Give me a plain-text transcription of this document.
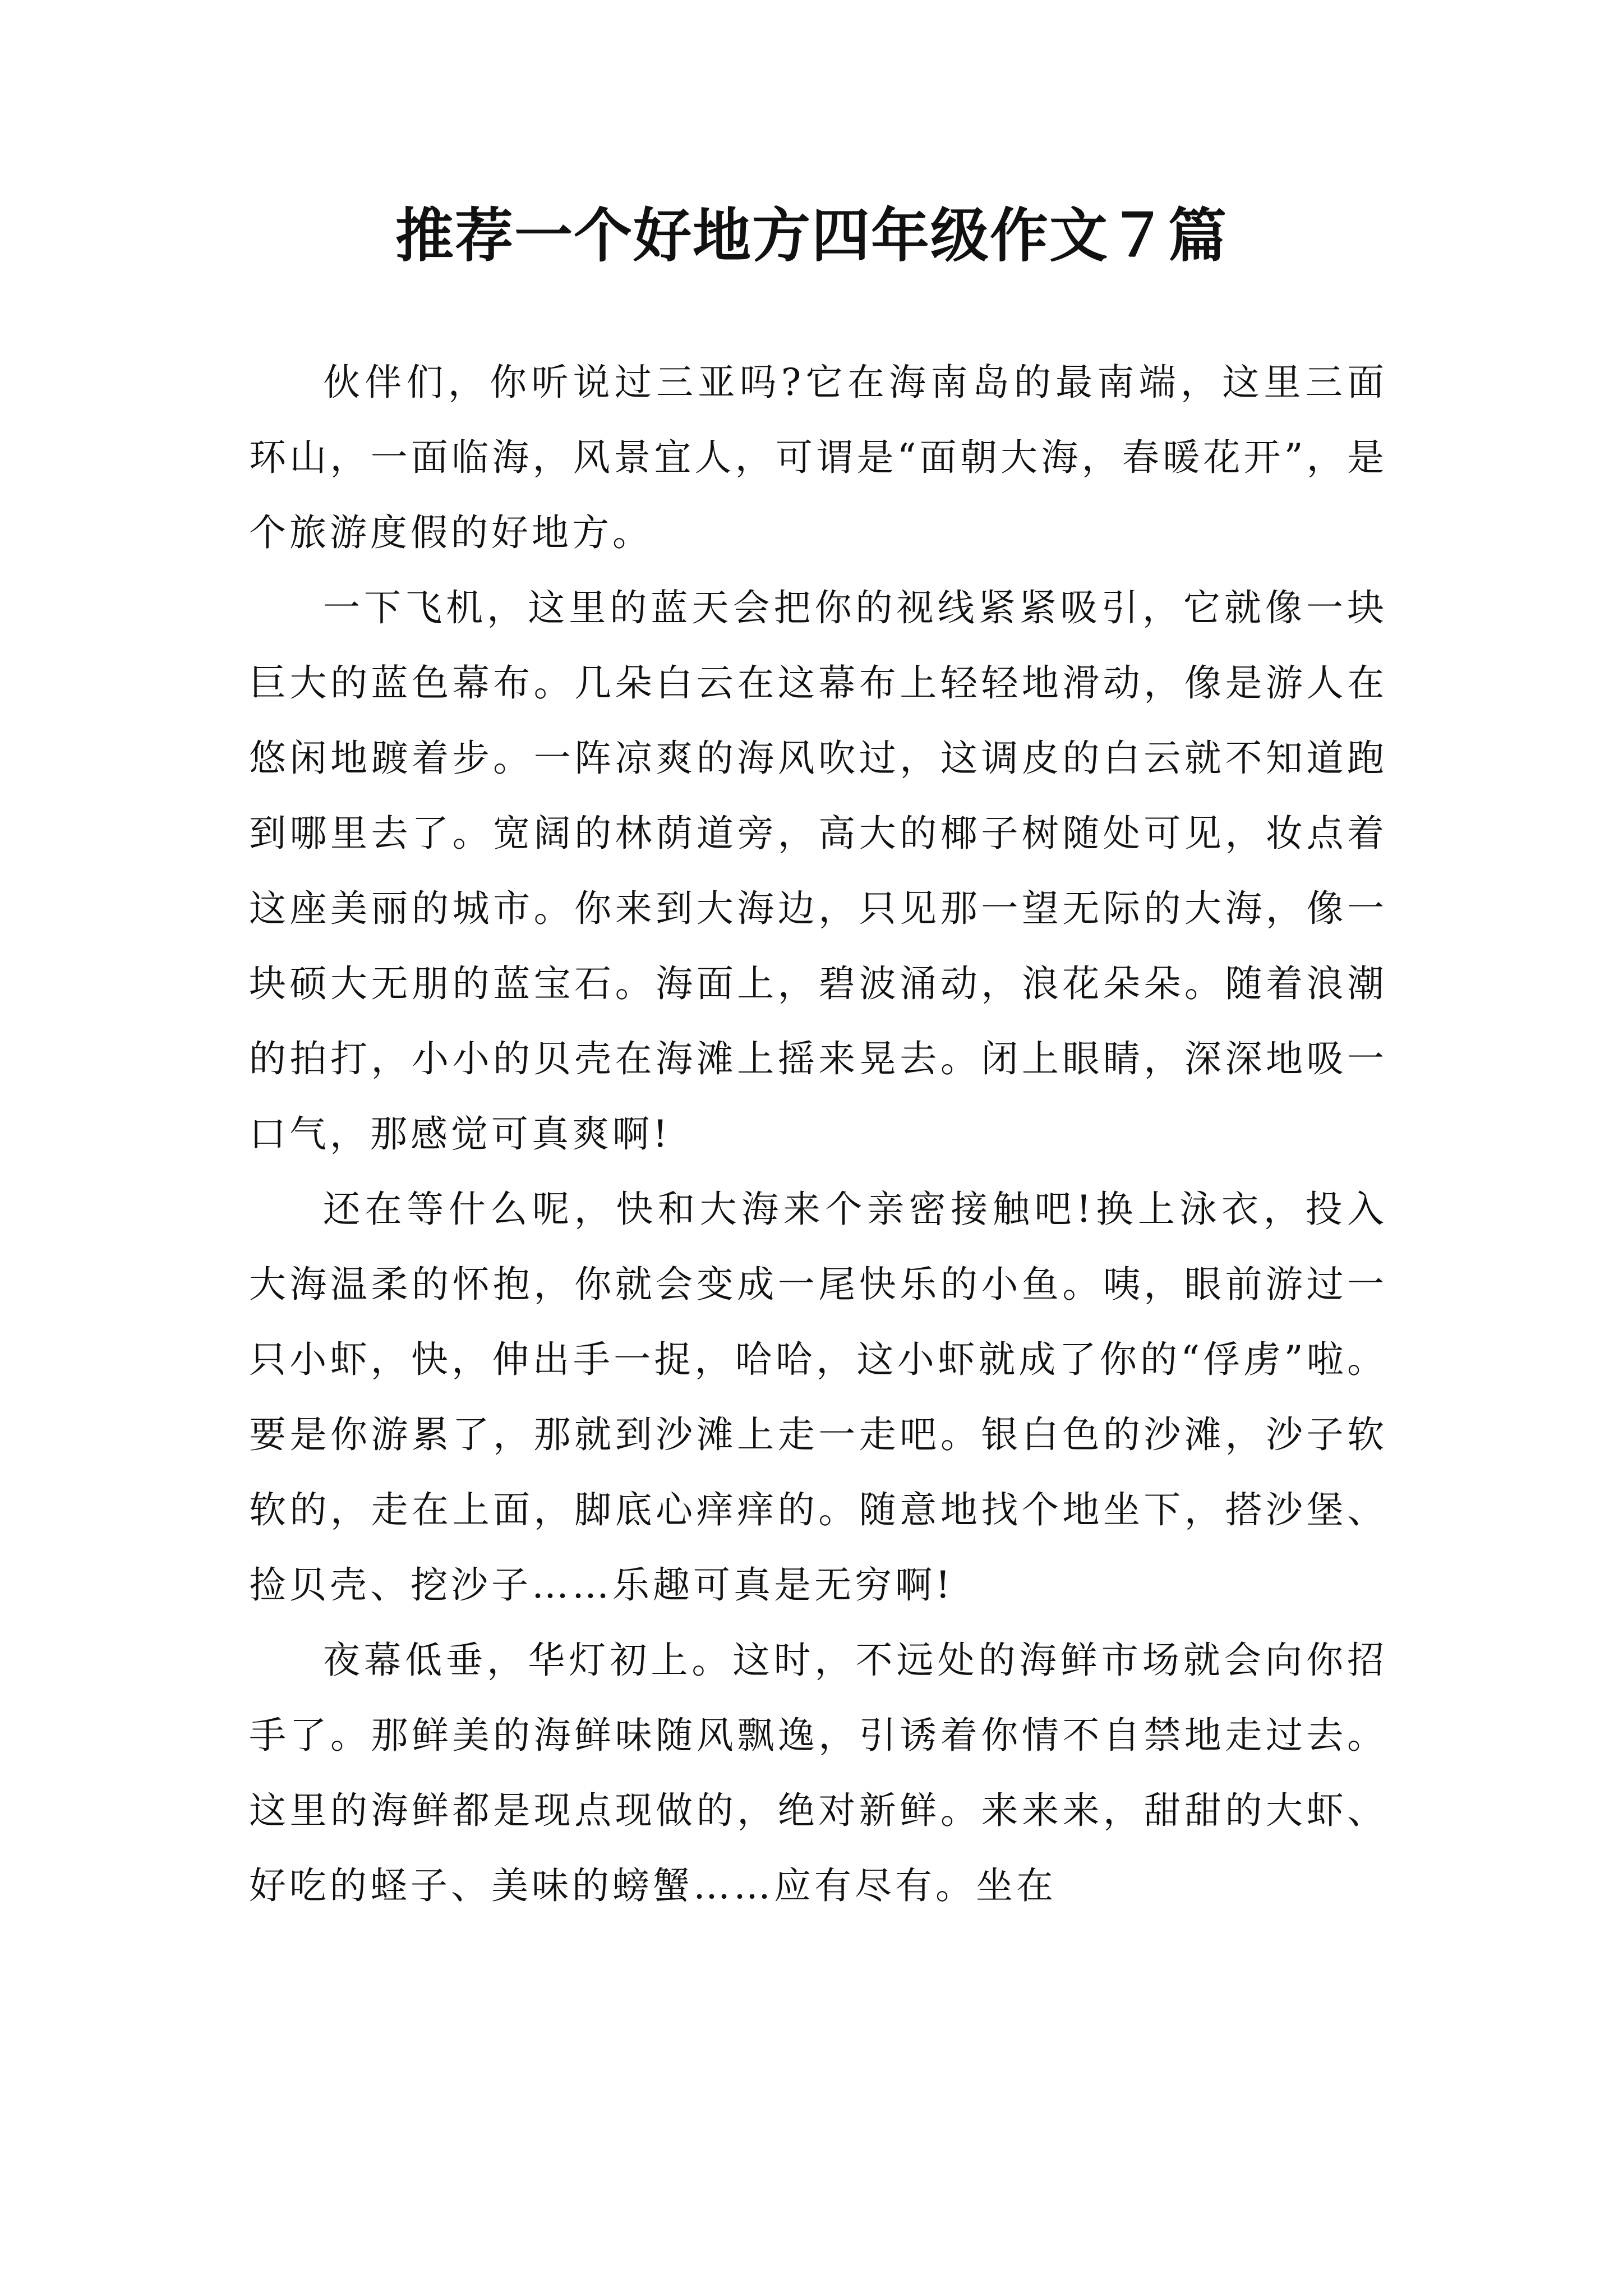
推荐一个好地方四年级作文７篇

伙伴们，你听说过三亚吗?它在海南岛的最南端，这里三面环山，一面临海，风景宜人，可谓是“面朝大海，春暖花开”，是个旅游度假的好地方。

一下飞机，这里的蓝天会把你的视线紧紧吸引，它就像一块巨大的蓝色幕布。几朵白云在这幕布上轻轻地滑动，像是游人在悠闲地踱着步。一阵凉爽的海风吹过，这调皮的白云就不知道跑到哪里去了。宽阔的林荫道旁，高大的椰子树随处可见，妆点着这座美丽的城市。你来到大海边，只见那一望无际的大海，像一块硕大无朋的蓝宝石。海面上，碧波涌动，浪花朵朵。随着浪潮的拍打，小小的贝壳在海滩上摇来晃去。闭上眼睛，深深地吸一口气，那感觉可真爽啊!

还在等什么呢，快和大海来个亲密接触吧!换上泳衣，投入大海温柔的怀抱，你就会变成一尾快乐的小鱼。咦，眼前游过一只小虾，快，伸出手一捉，哈哈，这小虾就成了你的“俘虏”啦。要是你游累了，那就到沙滩上走一走吧。银白色的沙滩，沙子软软的，走在上面，脚底心痒痒的。随意地找个地坐下，搭沙堡、捡贝壳、挖沙子……乐趣可真是无穷啊!

夜幕低垂，华灯初上。这时，不远处的海鲜市场就会向你招手了。那鲜美的海鲜味随风飘逸，引诱着你情不自禁地走过去。这里的海鲜都是现点现做的，绝对新鲜。来来来，甜甜的大虾、好吃的蛏子、美味的螃蟹……应有尽有。坐在
